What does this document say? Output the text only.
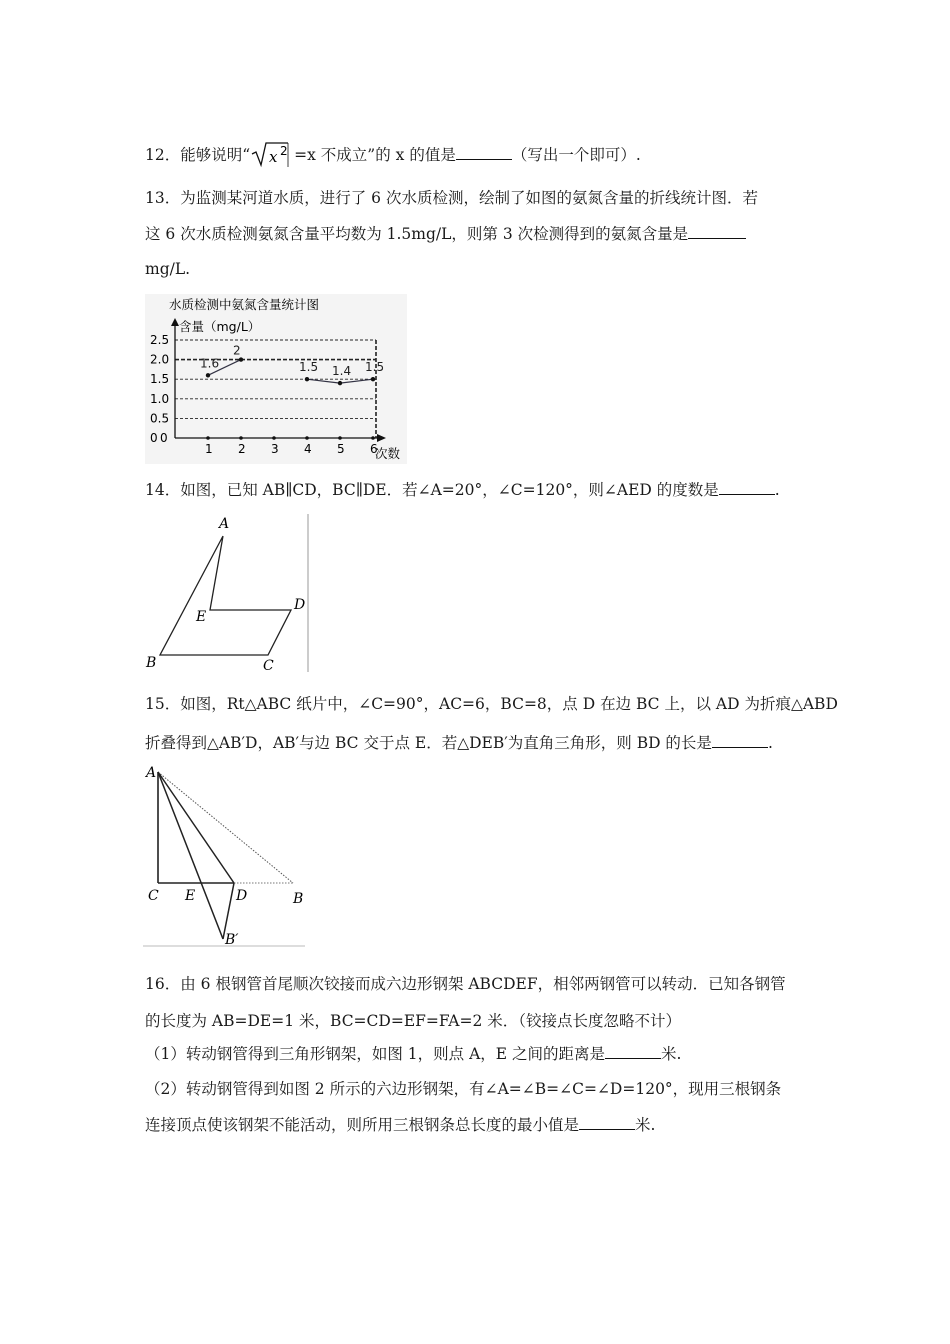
12．能够说明“ x 2 =x 不成立”的 x 的值是	（写出一个即可）.
13．为监测某河道水质，进行了 6 次水质检测，绘制了如图的氨氮含量的折线统计图．若
这 6 次水质检测氨氮含量平均数为 1.5mg/L，则第 3 次检测得到的氨氮含量是
mg/L.
水质检测中氨氮含量统计图
1.6
2
1.5 1.4 1.5
0
0.5
1.0
1.5
2.0
2.5
1 2 3 4 5 6
0
含量（mg/L）
次数
14．如图，已知 AB∥CD，BC∥DE．若∠A=20°，∠C=120°，则∠AED 的度数是	.
A
E
D
B	C
15．如图，Rt△ABC 纸片中，∠C=90°，AC=6，BC=8，点 D 在边 BC 上，以 AD 为折痕△ABD
折叠得到△AB′D，AB′与边 BC 交于点 E．若△DEB′为直角三角形，则 BD 的长是	.
A
C E	D	B
B′
16．由 6 根钢管首尾顺次铰接而成六边形钢架 ABCDEF，相邻两钢管可以转动．已知各钢管
的长度为 AB=DE=1 米，BC=CD=EF=FA=2 米．（铰接点长度忽略不计）
（1）转动钢管得到三角形钢架，如图 1，则点 A，E 之间的距离是	米.
（2）转动钢管得到如图 2 所示的六边形钢架，有∠A=∠B=∠C=∠D=120°，现用三根钢条
连接顶点使该钢架不能活动，则所用三根钢条总长度的最小值是	米.
